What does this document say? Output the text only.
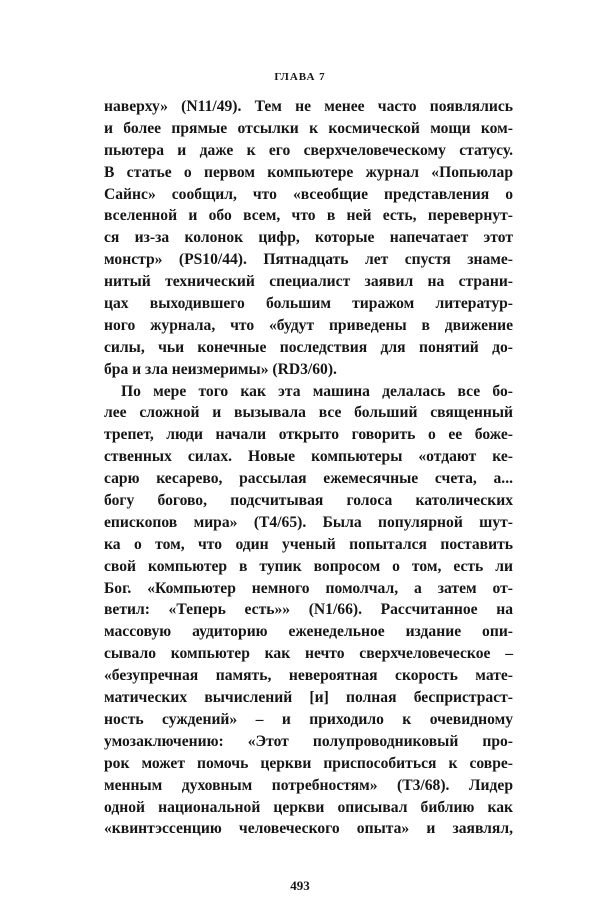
ГЛАВА 7
наверху» (N11/49). Тем не менее часто появлялись
и более прямые отсылки к космической мощи ком-
пьютера и даже к его сверхчеловеческому статусу.
В статье о первом компьютере журнал «Попьюлар
Сайнс» сообщил, что «всеобщие представления о
вселенной и обо всем, что в ней есть, перевернут-
ся из-за колонок цифр, которые напечатает этот
монстр» (PS10/44). Пятнадцать лет спустя знаме-
нитый технический специалист заявил на страни-
цах выходившего большим тиражом литератур-
ного журнала, что «будут приведены в движение
силы, чьи конечные последствия для понятий до-
бра и зла неизмеримы» (RD3/60).
По мере того как эта машина делалась все бо-
лее сложной и вызывала все больший священный
трепет, люди начали открыто говорить о ее боже-
ственных силах. Новые компьютеры «отдают ке-
сарю кесарево, рассылая ежемесячные счета, а...
богу богово, подсчитывая голоса католических
епископов мира» (T4/65). Была популярной шут-
ка о том, что один ученый попытался поставить
свой компьютер в тупик вопросом о том, есть ли
Бог. «Компьютер немного помолчал, а затем от-
ветил: «Теперь есть»» (N1/66). Рассчитанное на
массовую аудиторию еженедельное издание опи-
сывало компьютер как нечто сверхчеловеческое –
«безупречная память, невероятная скорость мате-
матических вычислений [и] полная беспристраст-
ность суждений» – и приходило к очевидному
умозаключению: «Этот полупроводниковый про-
рок может помочь церкви приспособиться к совре-
менным духовным потребностям» (T3/68). Лидер
одной национальной церкви описывал библию как
«квинтэссенцию человеческого опыта» и заявлял,
493
